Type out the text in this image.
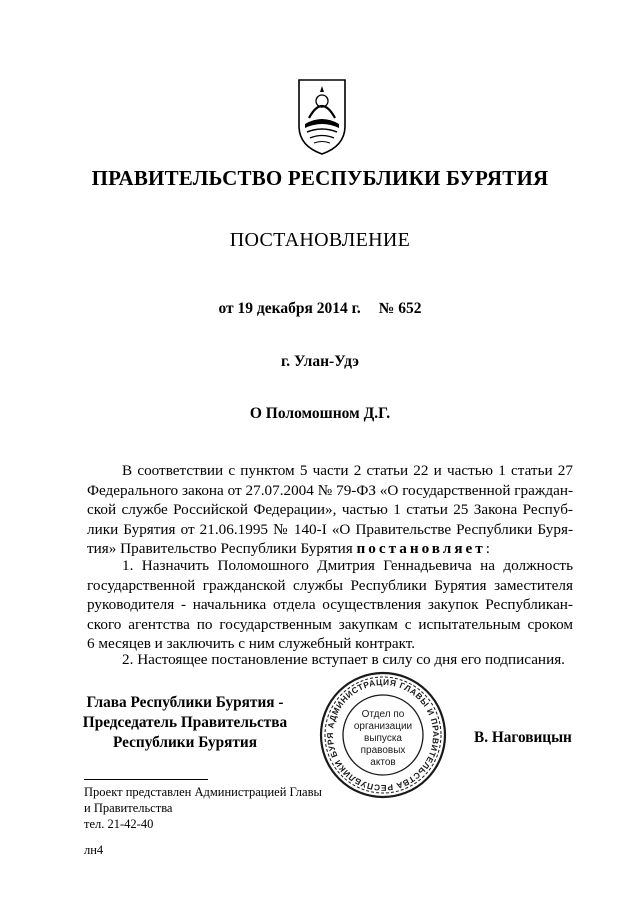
ПРАВИТЕЛЬСТВО РЕСПУБЛИКИ БУРЯТИЯ
ПОСТАНОВЛЕНИЕ
от 19 декабря 2014 г. № 652
г. Улан-Удэ
О Поломошном Д.Г.
В соответствии с пунктом 5 части 2 статьи 22 и частью 1 статьи 27
Федерального закона от 27.07.2004 № 79-ФЗ «О государственной граждан-
ской службе Российской Федерации», частью 1 статьи 25 Закона Респуб-
лики Бурятия от 21.06.1995 № 140-I «О Правительстве Республики Буря-
тия» Правительство Республики Бурятия постановляет:
1. Назначить Поломошного Дмитрия Геннадьевича на должность
государственной гражданской службы Республики Бурятия заместителя
руководителя - начальника отдела осуществления закупок Республикан-
ского агентства по государственным закупкам с испытательным сроком
6 месяцев и заключить с ним служебный контракт.
2. Настоящее постановление вступает в силу со дня его подписания.
Глава Республики Бурятия -
Председатель Правительства
Республики Бурятия
АДМИНИСТРАЦИЯ ГЛАВЫ И ПРАВИТЕЛЬСТВА РЕСПУБЛИКИ БУРЯ
Отдел по
организации
выпуска
правовых
актов
В. Наговицын
Проект представлен Администрацией Главы
и Правительства
тел. 21-42-40
лн4
